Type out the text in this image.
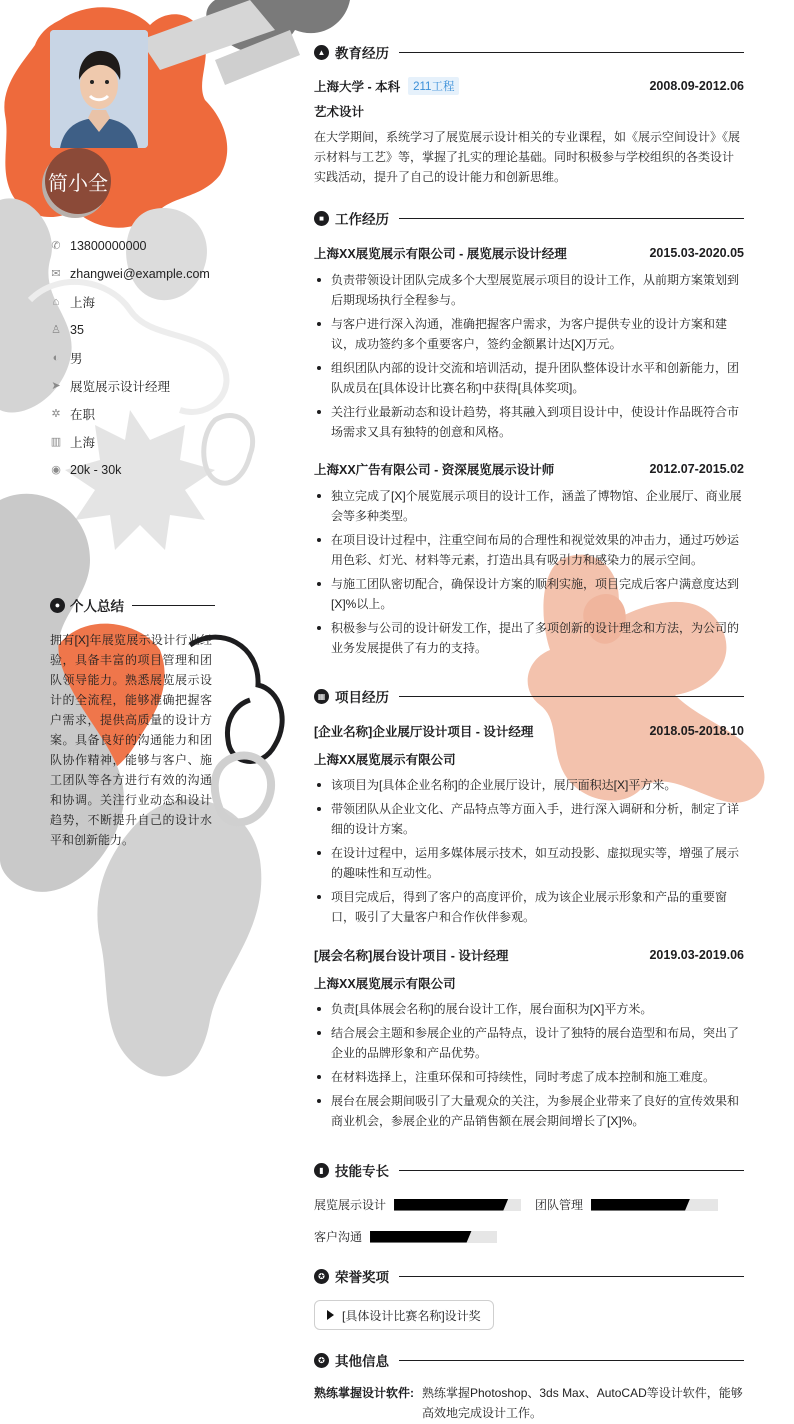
简小全
✆ 13800000000
✉ zhangwei@example.com
⌂ 上海
♙ 35
◐ 男
➤ 展览展示设计经理
✲ 在职
▥ 上海
◉ 20k - 30k
● 个人总结
拥有[X]年展览展示设计行业经验，具备丰富的项目管理和团队领导能力。熟悉展览展示设计的全流程，能够准确把握客户需求，提供高质量的设计方案。具备良好的沟通能力和团队协作精神，能够与客户、施工团队等各方进行有效的沟通和协调。关注行业动态和设计趋势，不断提升自己的设计水平和创新能力。
▲ 教育经历
上海大学 - 本科	211工程	2008.09-2012.06
艺术设计
在大学期间，系统学习了展览展示设计相关的专业课程，如《展示空间设计》《展示材料与工艺》等，掌握了扎实的理论基础。同时积极参与学校组织的各类设计实践活动，提升了自己的设计能力和创新思维。
■ 工作经历
上海XX展览展示有限公司 - 展览展示设计经理	2015.03-2020.05
负责带领设计团队完成多个大型展览展示项目的设计工作，从前期方案策划到后期现场执行全程参与。
与客户进行深入沟通，准确把握客户需求，为客户提供专业的设计方案和建议，成功签约多个重要客户，签约金额累计达[X]万元。
组织团队内部的设计交流和培训活动，提升团队整体设计水平和创新能力，团队成员在[具体设计比赛名称]中获得[具体奖项]。
关注行业最新动态和设计趋势，将其融入到项目设计中，使设计作品既符合市场需求又具有独特的创意和风格。
上海XX广告有限公司 - 资深展览展示设计师	2012.07-2015.02
独立完成了[X]个展览展示项目的设计工作，涵盖了博物馆、企业展厅、商业展会等多种类型。
在项目设计过程中，注重空间布局的合理性和视觉效果的冲击力，通过巧妙运用色彩、灯光、材料等元素，打造出具有吸引力和感染力的展示空间。
与施工团队密切配合，确保设计方案的顺利实施，项目完成后客户满意度达到[X]%以上。
积极参与公司的设计研发工作，提出了多项创新的设计理念和方法，为公司的业务发展提供了有力的支持。
▦ 项目经历
[企业名称]企业展厅设计项目 - 设计经理	2018.05-2018.10
上海XX展览展示有限公司
该项目为[具体企业名称]的企业展厅设计，展厅面积达[X]平方米。
带领团队从企业文化、产品特点等方面入手，进行深入调研和分析，制定了详细的设计方案。
在设计过程中，运用多媒体展示技术，如互动投影、虚拟现实等，增强了展示的趣味性和互动性。
项目完成后，得到了客户的高度评价，成为该企业展示形象和产品的重要窗口，吸引了大量客户和合作伙伴参观。
[展会名称]展台设计项目 - 设计经理	2019.03-2019.06
上海XX展览展示有限公司
负责[具体展会名称]的展台设计工作，展台面积为[X]平方米。
结合展会主题和参展企业的产品特点，设计了独特的展台造型和布局，突出了企业的品牌形象和产品优势。
在材料选择上，注重环保和可持续性，同时考虑了成本控制和施工难度。
展台在展会期间吸引了大量观众的关注，为参展企业带来了良好的宣传效果和商业机会，参展企业的产品销售额在展会期间增长了[X]%。
▮ 技能专长
展览展示设计	团队管理
客户沟通
✪ 荣誉奖项
[具体设计比赛名称]设计奖
✪ 其他信息
熟练掌握设计软件: 熟练掌握Photoshop、3ds Max、AutoCAD等设计软件，能够高效地完成设计工作。
